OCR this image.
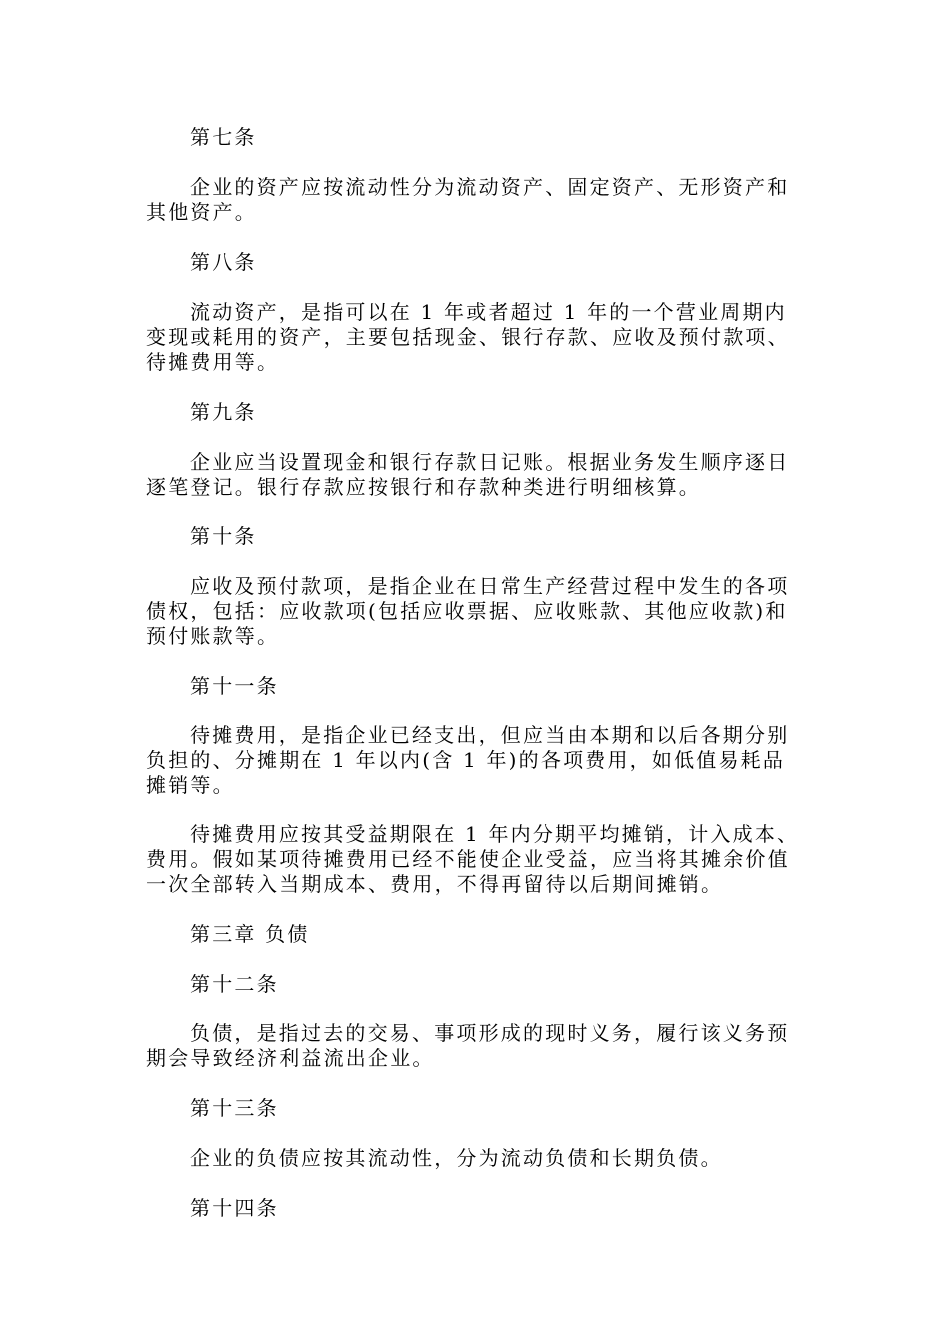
第七条

企业的资产应按流动性分为流动资产、固定资产、无形资产和其他资产。

第八条

流动资产，是指可以在 1 年或者超过 1 年的一个营业周期内变现或耗用的资产，主要包括现金、银行存款、应收及预付款项、待摊费用等。

第九条

企业应当设置现金和银行存款日记账。根据业务发生顺序逐日逐笔登记。银行存款应按银行和存款种类进行明细核算。

第十条

应收及预付款项，是指企业在日常生产经营过程中发生的各项债权，包括：应收款项(包括应收票据、应收账款、其他应收款)和预付账款等。

第十一条

待摊费用，是指企业已经支出，但应当由本期和以后各期分别负担的、分摊期在 1 年以内(含 1 年)的各项费用，如低值易耗品摊销等。

待摊费用应按其受益期限在 1 年内分期平均摊销，计入成本、费用。假如某项待摊费用已经不能使企业受益，应当将其摊余价值一次全部转入当期成本、费用，不得再留待以后期间摊销。

第三章 负债

第十二条

负债，是指过去的交易、事项形成的现时义务，履行该义务预期会导致经济利益流出企业。

第十三条

企业的负债应按其流动性，分为流动负债和长期负债。

第十四条
